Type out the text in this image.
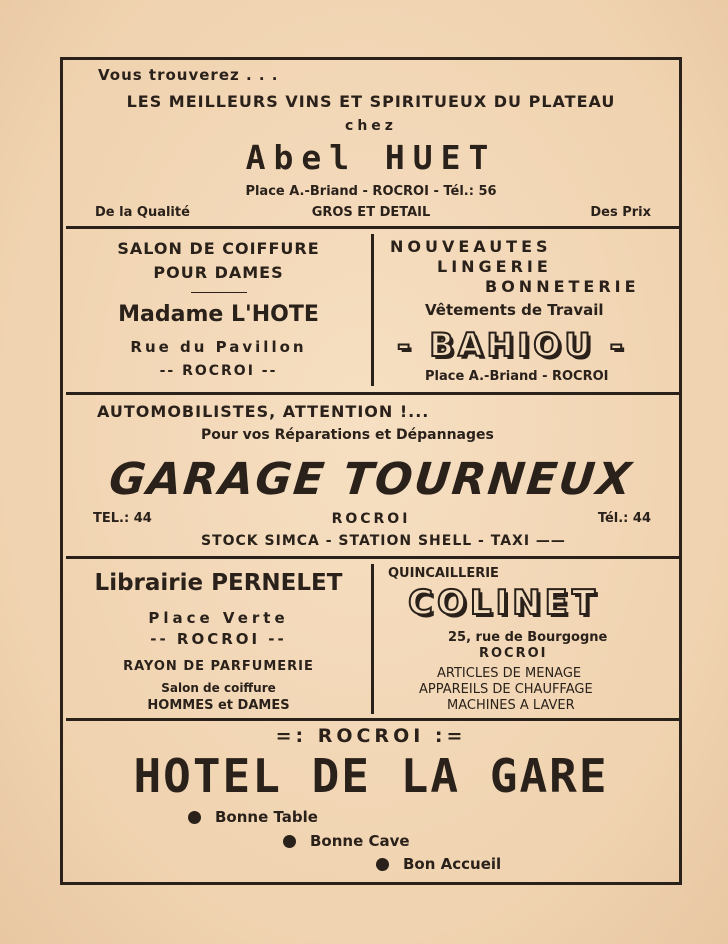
Vous trouverez . . .
LES MEILLEURS VINS ET SPIRITUEUX DU PLATEAU
chez
Abel HUET
Place A.-Briand - ROCROI - Tél.: 56
De la Qualité	GROS ET DETAIL	Des Prix
SALON DE COIFFURE
POUR DAMES
Madame L'HOTE
Rue du Pavillon
-- ROCROI --
NOUVEAUTES
LINGERIE
BONNETERIE
Vêtements de Travail
- BAHIOU -
Place A.-Briand - ROCROI
AUTOMOBILISTES, ATTENTION !...
Pour vos Réparations et Dépannages
GARAGE TOURNEUX
TEL.: 44	ROCROI	Tél.: 44
STOCK SIMCA - STATION SHELL - TAXI ——
Librairie PERNELET
Place Verte
-- ROCROI --
RAYON DE PARFUMERIE
Salon de coiffure
HOMMES et DAMES
QUINCAILLERIE
COLINET
25, rue de Bourgogne
ROCROI
ARTICLES DE MENAGE
APPAREILS DE CHAUFFAGE
MACHINES A LAVER
=: ROCROI :=
HOTEL DE LA GARE
Bonne Table
Bonne Cave
Bon Accueil
